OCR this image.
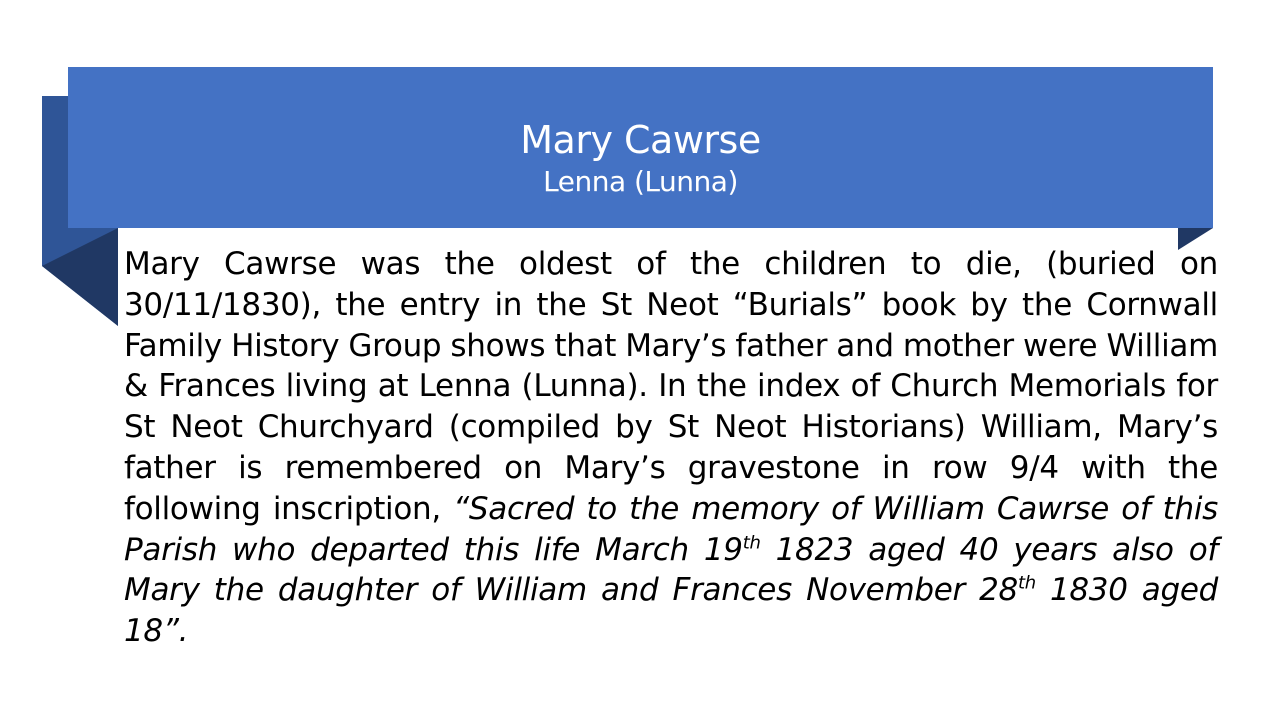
Mary Cawrse
Lenna (Lunna)
Mary Cawrse was the oldest of the children to die, (buried on 30/11/1830), the entry in the St Neot “Burials” book by the Cornwall Family History Group shows that Mary’s father and mother were William & Frances living at Lenna (Lunna). In the index of Church Memorials for St Neot Churchyard (compiled by St Neot Historians) William, Mary’s father is remembered on Mary’s gravestone in row 9/4 with the following inscription, “Sacred to the memory of William Cawrse of this Parish who departed this life March 19th 1823 aged 40 years also of Mary the daughter of William and Frances November 28th 1830 aged 18”.
